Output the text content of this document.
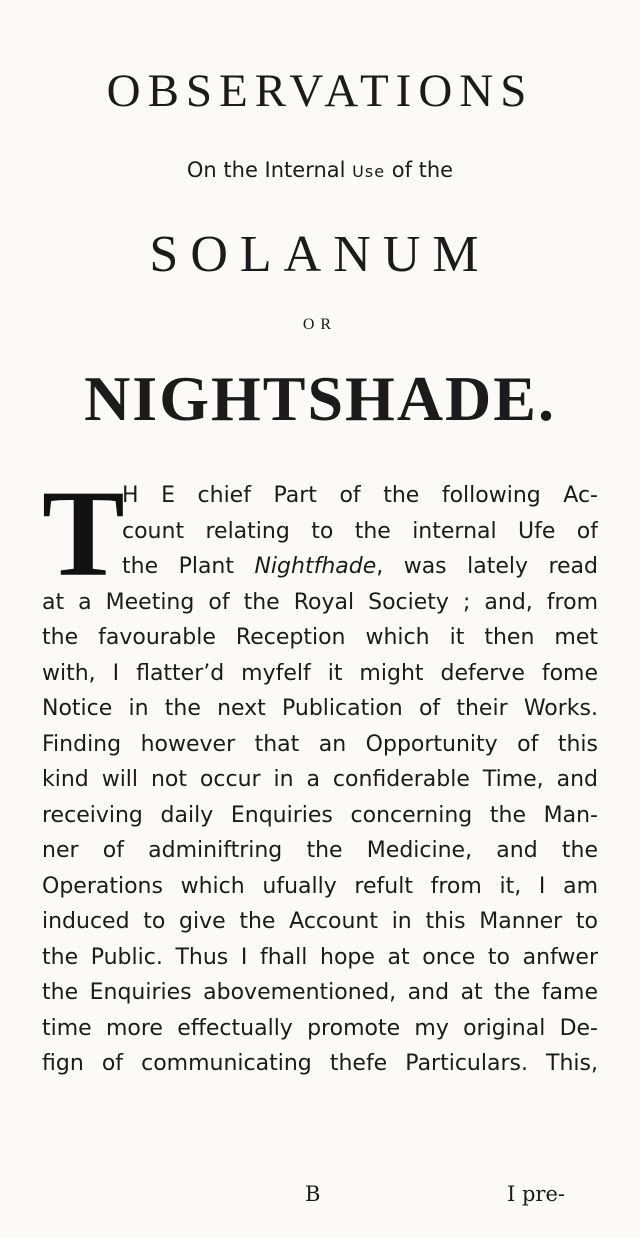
OBSERVATIONS
On the Internal Use of the
SOLANUM
OR
NIGHTSHADE.
T
H E chief Part of the following Ac-
count relating to the internal Ufe of
the Plant Nightfhade, was lately read
at a Meeting of the Royal Society ; and, from
the favourable Reception which it then met
with, I flatter’d myfelf it might deferve fome
Notice in the next Publication of their Works.
Finding however that an Opportunity of this
kind will not occur in a confiderable Time, and
receiving daily Enquiries concerning the Man-
ner of adminiftring the Medicine, and the
Operations which ufually refult from it, I am
induced to give the Account in this Manner to
the Public. Thus I fhall hope at once to anfwer
the Enquiries abovementioned, and at the fame
time more effectually promote my original De-
fign of communicating thefe Particulars. This,
B	I pre-
